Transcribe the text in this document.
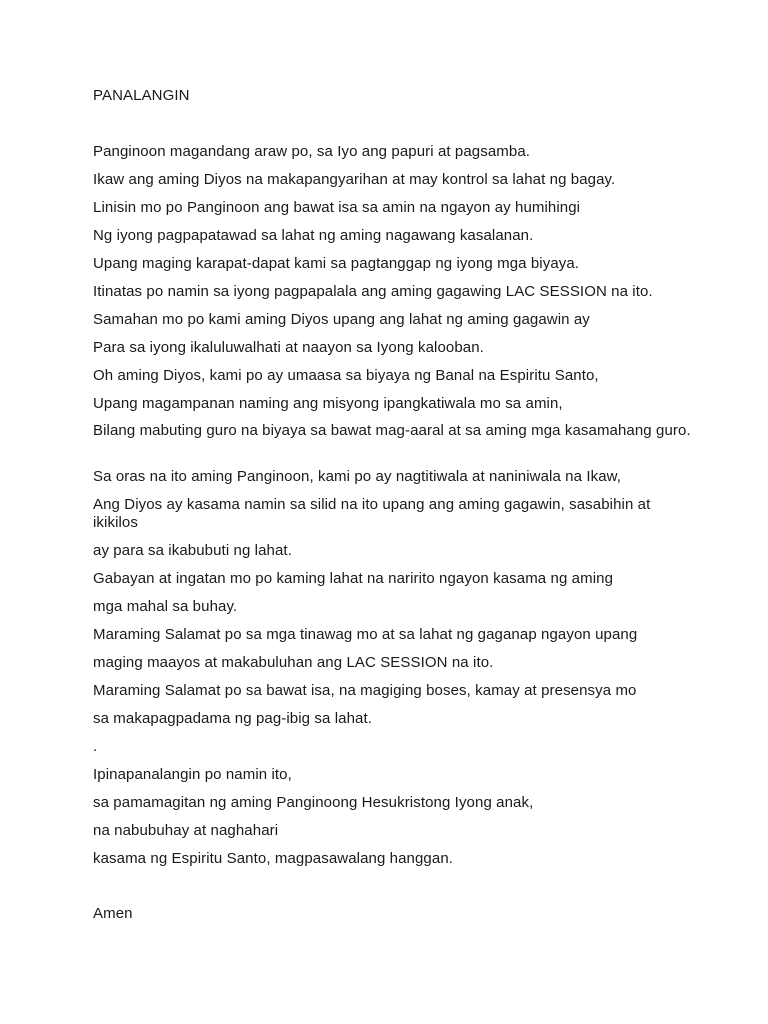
PANALANGIN
Panginoon magandang araw po, sa Iyo ang papuri at pagsamba.
Ikaw ang aming Diyos na makapangyarihan at may kontrol sa lahat ng bagay.
Linisin mo po Panginoon ang bawat isa sa amin na ngayon ay humihingi
Ng iyong pagpapatawad sa lahat ng aming nagawang kasalanan.
Upang maging karapat-dapat kami sa pagtanggap ng iyong mga biyaya.
Itinatas po namin sa iyong pagpapalala ang aming gagawing LAC SESSION na ito.
Samahan mo po kami aming Diyos upang ang lahat ng aming gagawin ay
Para sa iyong ikaluluwalhati at naayon sa Iyong kalooban.
Oh aming Diyos, kami po ay umaasa sa biyaya ng Banal na Espiritu Santo,
Upang magampanan naming ang misyong ipangkatiwala mo sa amin,
Bilang mabuting guro na biyaya sa bawat mag-aaral at sa aming mga kasamahang guro.
Sa oras na ito aming Panginoon, kami po ay nagtitiwala at naniniwala na Ikaw,
Ang Diyos ay kasama namin sa silid na ito upang ang aming gagawin, sasabihin at ikikilos
ay para sa ikabubuti ng lahat.
Gabayan at ingatan mo po kaming lahat na naririto ngayon kasama ng aming
mga mahal sa buhay.
Maraming Salamat po sa mga tinawag mo at sa lahat ng gaganap ngayon upang
maging maayos at makabuluhan ang LAC SESSION na ito.
Maraming Salamat po sa bawat isa, na magiging boses, kamay at presensya mo
sa makapagpadama ng pag-ibig sa lahat.
.
Ipinapanalangin po namin ito,
sa pamamagitan ng aming Panginoong Hesukristong Iyong anak,
na nabubuhay at naghahari
kasama ng Espiritu Santo, magpasawalang hanggan.
Amen
